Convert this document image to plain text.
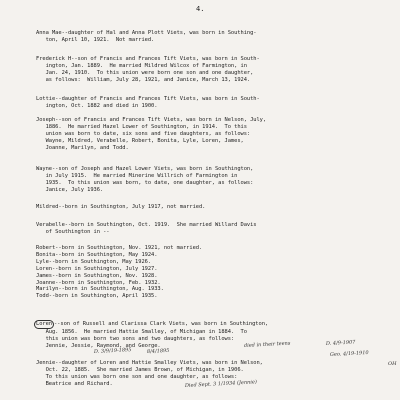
4.
Anna Mae--daughter of Hal and Anna Plott Viets, was born in Southing-
ton, April 10, 1921.  Not married.
Frederick H--son of Francis and Frances Tift Viets, was born in South-
ington, Jan. 1889.  He married Mildred Wilcox of Farmington, in
Jan. 24, 1910.  To this union were born one son and one daughter,
as follows:  William, July 28, 1921, and Janice, March 13, 1924.
Lottie--daughter of Francis and Frances Tift Viets, was born in South-
ington, Oct. 1882 and died in 1900.
Joseph--son of Francis and Frances Tift Viets, was born in Nelson, July,
1886.  He married Hazel Lower of Southington, in 1914.  To this
union was born to date, six sons and five daughters, as follows:
Wayne, Mildred, Verabelle, Robert, Bonita, Lyle, Loren, James,
Joanne, Marilyn, and Todd.
Wayne--son of Joseph and Hazel Lower Viets, was born in Southington,
in July 1915.  He married Minerine Willrich of Farmington in
1935.  To this union was born, to date, one daughter, as follows:
Janice, July 1936.
Mildred--born in Southington, July 1917, not married.
Verabelle--born in Southington, Oct. 1919.  She married Willard Davis
of Southington in --
Robert--born in Southington, Nov. 1921, not married.
Bonita--born in Southington, May 1924.
Lyle--born in Southington, May 1926.
Loren--born in Southington, July 1927.
James--born in Southington, Nov. 1928.
Joanne--born in Southington, Feb. 1932.
Marilyn--born in Southington, Aug. 1933.
Todd--born in Southington, April 1935.
Loren --son of Russell and Clarissa Clark Viets, was born in Southington,
Aug. 1856.  He married Hattie Smalley, of Michigan in 1884.  To
this union was born two sons and two daughters, as follows:
Jennie, Jessie, Raymond, and George.
Jennie--daughter of Loren and Hattie Smalley Viets, was born in Nelson,
Oct. 22, 1885.  She married James Brown, of Michigan, in 1906.
To this union was born one son and one daughter, as follows:
Beatrice and Richard.
died in their teens	D. 4/9-1907
Geo. 4/19-1910
D. 3/9/19-1895	8/4/1895
OH
Died Sept. 3 1/1934 (Jennie)
